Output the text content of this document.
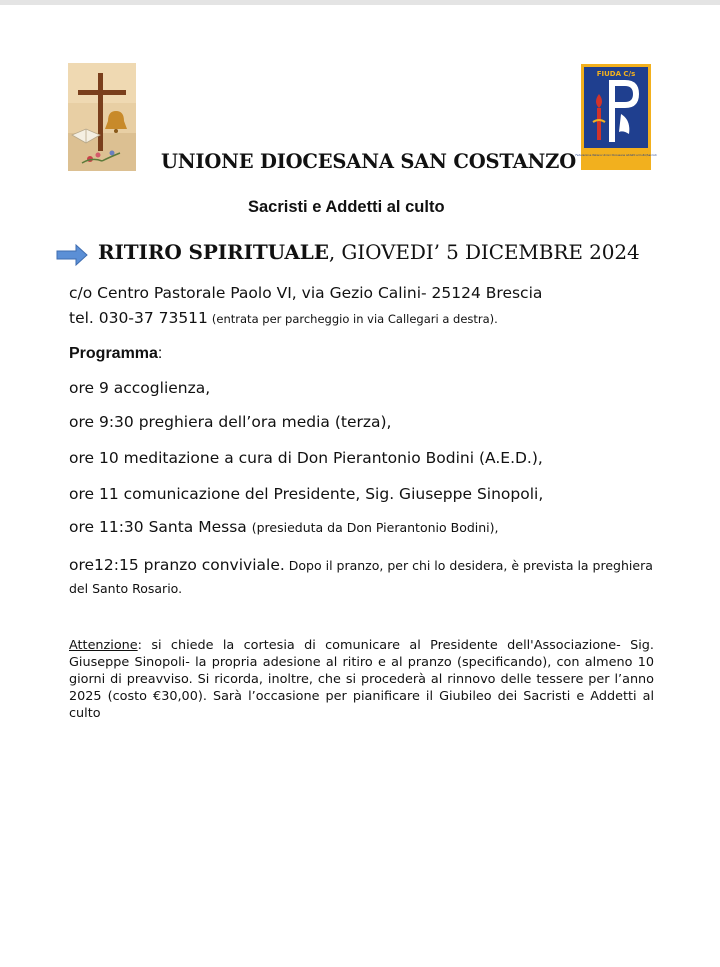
FIUDA C/s
Federazione Italiana Unioni Diocesane Addetti al Culto/Sacristi
UNIONE DIOCESANA SAN COSTANZO
Sacristi e Addetti al culto
RITIRO SPIRITUALE, GIOVEDI’ 5 DICEMBRE 2024
c/o Centro Pastorale Paolo VI, via Gezio Calini- 25124 Brescia
tel. 030-37 73511 (entrata per parcheggio in via Callegari a destra).
Programma:
ore 9 accoglienza,
ore 9:30 preghiera dell’ora media (terza),
ore 10 meditazione a cura di Don Pierantonio Bodini (A.E.D.),
ore 11 comunicazione del Presidente, Sig. Giuseppe Sinopoli,
ore 11:30 Santa Messa (presieduta da Don Pierantonio Bodini),
ore12:15 pranzo conviviale. Dopo il pranzo, per chi lo desidera, è prevista la preghiera del Santo Rosario.
Attenzione: si chiede la cortesia di comunicare al Presidente dell'Associazione- Sig. Giuseppe Sinopoli- la propria adesione al ritiro e al pranzo (specificando), con almeno 10 giorni di preavviso. Si ricorda, inoltre, che si procederà al rinnovo delle tessere per l’anno 2025 (costo €30,00). Sarà l’occasione per pianificare il Giubileo dei Sacristi e Addetti al culto
